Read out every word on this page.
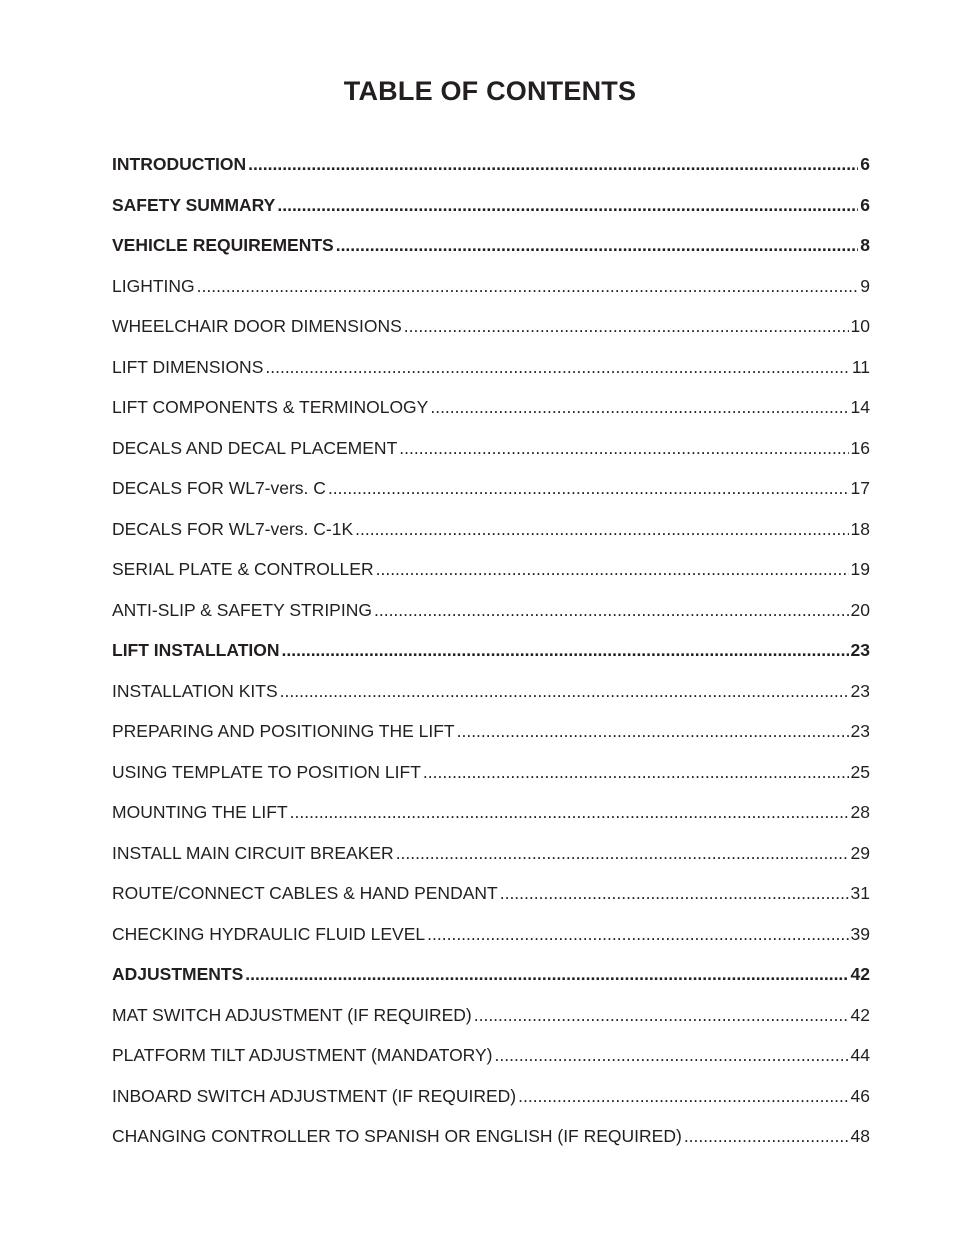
TABLE OF CONTENTS
INTRODUCTION .....	6
SAFETY SUMMARY .....	6
VEHICLE REQUIREMENTS .....	8
LIGHTING .....	9
WHEELCHAIR DOOR DIMENSIONS .....	10
LIFT DIMENSIONS .....	11
LIFT COMPONENTS & TERMINOLOGY .....	14
DECALS AND DECAL PLACEMENT .....	16
DECALS FOR WL7-vers. C .....	17
DECALS FOR WL7-vers. C-1K .....	18
SERIAL PLATE & CONTROLLER .....	19
ANTI-SLIP & SAFETY STRIPING .....	20
LIFT INSTALLATION .....	23
INSTALLATION KITS .....	23
PREPARING AND POSITIONING THE LIFT .....	23
USING TEMPLATE TO POSITION LIFT .....	25
MOUNTING THE LIFT .....	28
INSTALL MAIN CIRCUIT BREAKER .....	29
ROUTE/CONNECT CABLES & HAND PENDANT .....	31
CHECKING HYDRAULIC FLUID LEVEL .....	39
ADJUSTMENTS .....	42
MAT SWITCH ADJUSTMENT (IF REQUIRED) .....	42
PLATFORM TILT ADJUSTMENT (MANDATORY) .....	44
INBOARD SWITCH ADJUSTMENT (IF REQUIRED) .....	46
CHANGING CONTROLLER TO SPANISH OR ENGLISH (IF REQUIRED) .....	48
